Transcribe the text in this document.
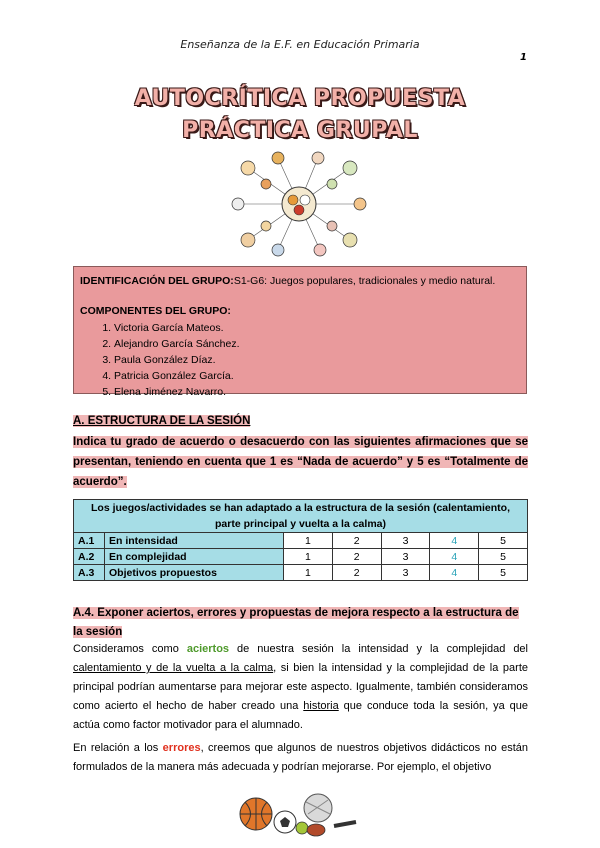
Enseñanza de la E.F. en Educación Primaria
1
AUTOCRÍTICA PROPUESTA
PRÁCTICA GRUPAL
IDENTIFICACIÓN DEL GRUPO:S1-G6: Juegos populares, tradicionales y medio natural.
COMPONENTES DEL GRUPO:
1. Victoria García Mateos.
2. Alejandro García Sánchez.
3. Paula González Díaz.
4. Patricia González García.
5. Elena Jiménez Navarro.
A. ESTRUCTURA DE LA SESIÓN
Indica tu grado de acuerdo o desacuerdo con las siguientes afirmaciones que se presentan, teniendo en cuenta que 1 es “Nada de acuerdo” y 5 es “Totalmente de acuerdo”.
Los juegos/actividades se han adaptado a la estructura de la sesión (calentamiento,
parte principal y vuelta a la calma)						

A.1	En intensidad	1	2	3	4	5
A.2	En complejidad	1	2	3	4	5
A.3	Objetivos propuestos	1	2	3	4	5
A.4. Exponer aciertos, errores y propuestas de mejora respecto a la estructura de la sesión
Consideramos como aciertos de nuestra sesión la intensidad y la complejidad del calentamiento y de la vuelta a la calma, si bien la intensidad y la complejidad de la parte principal podrían aumentarse para mejorar este aspecto. Igualmente, también consideramos como acierto el hecho de haber creado una historia que conduce toda la sesión, ya que actúa como factor motivador para el alumnado.
En relación a los errores, creemos que algunos de nuestros objetivos didácticos no están formulados de la manera más adecuada y podrían mejorarse. Por ejemplo, el objetivo
